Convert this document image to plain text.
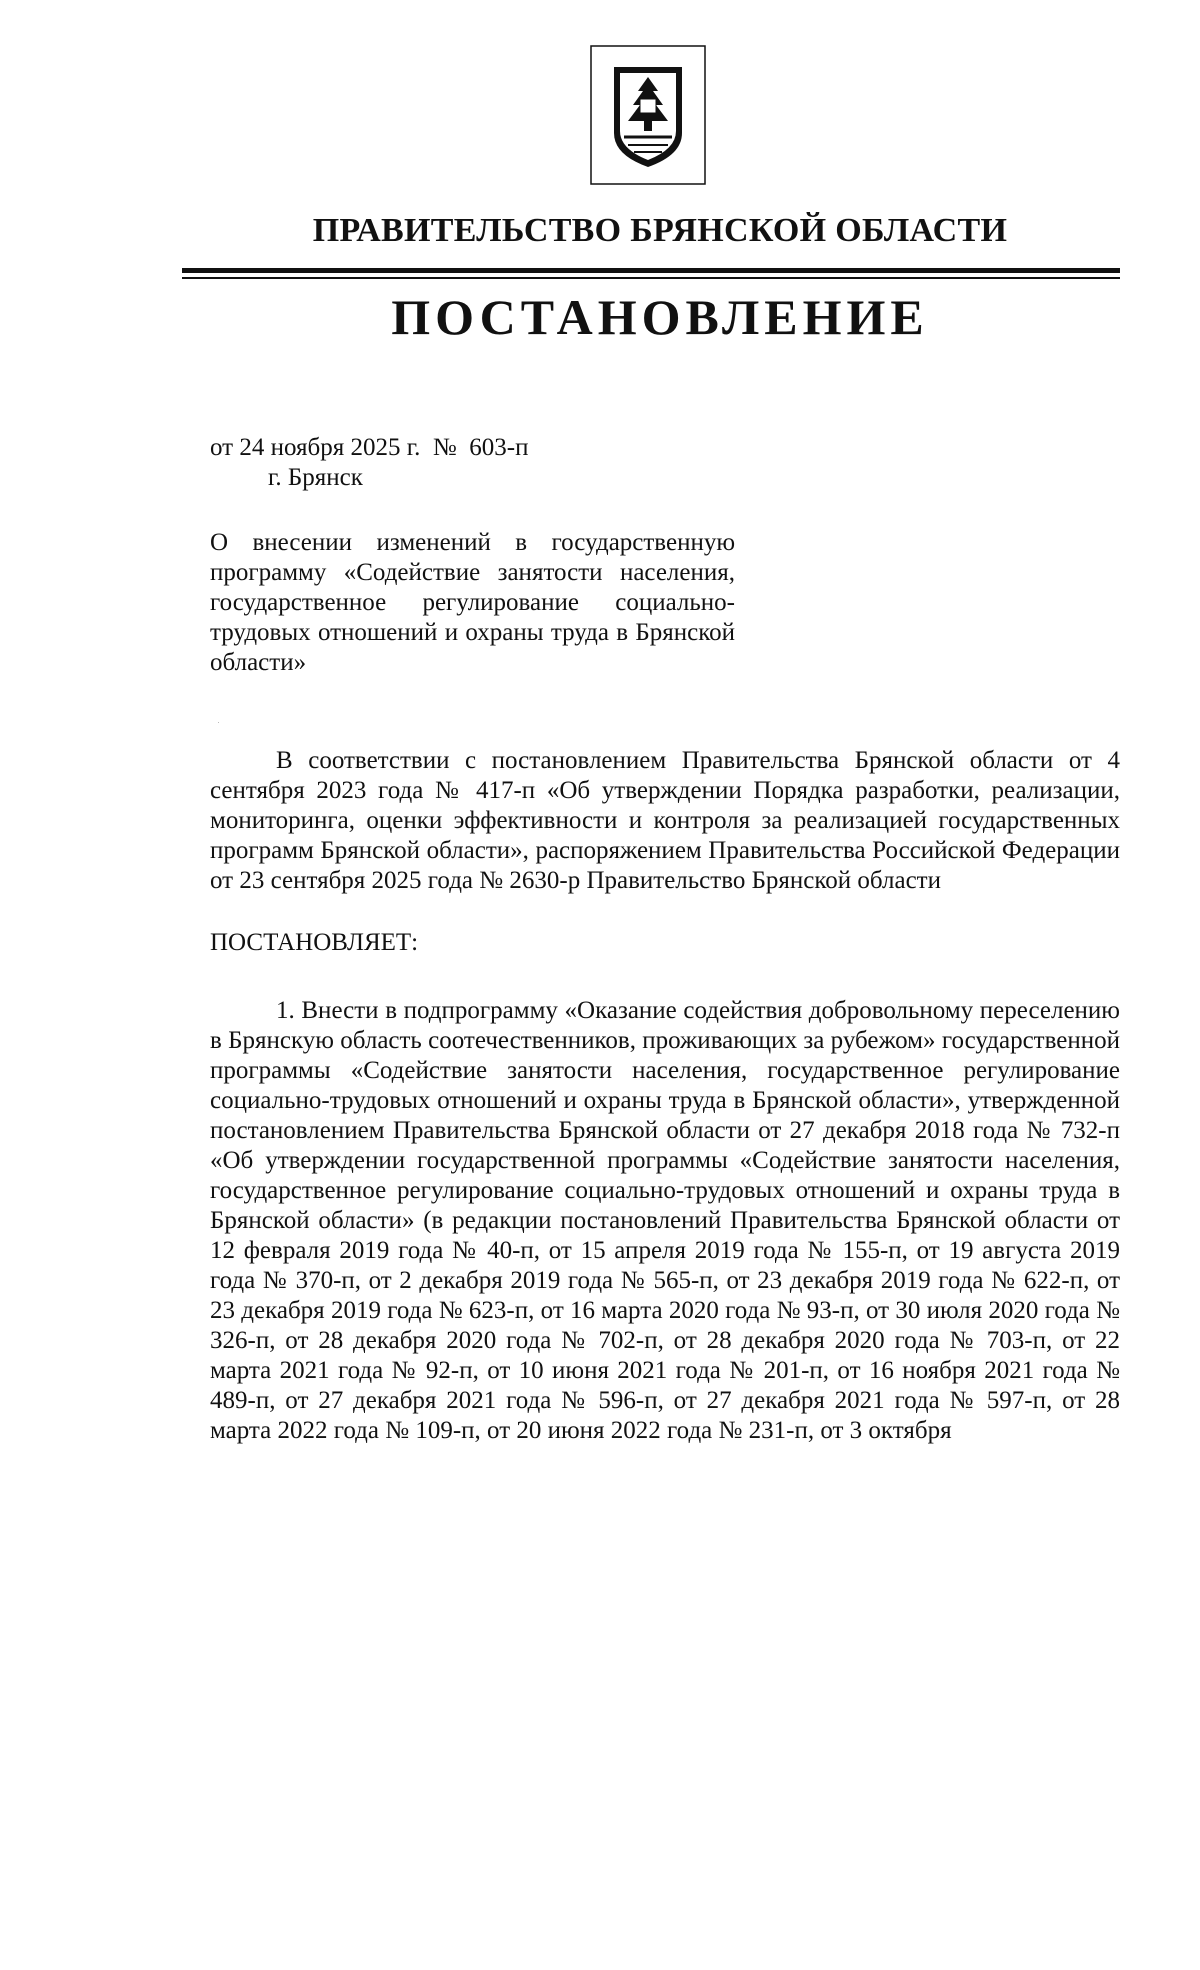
ПРАВИТЕЛЬСТВО БРЯНСКОЙ ОБЛАСТИ
ПОСТАНОВЛЕНИЕ
от 24 ноября 2025 г.  №  603-п
г. Брянск
О внесении изменений в государственную программу «Содействие занятости населения, государственное регулирование социально-трудовых отношений и охраны труда в Брянской области»

В соответствии с постановлением Правительства Брянской области от 4 сентября 2023 года № 417-п «Об утверждении Порядка разработки, реализации, мониторинга, оценки эффективности и контроля за реализацией государственных программ Брянской области», распоряжением Правительства Российской Федерации от 23 сентября 2025 года № 2630-р Правительство Брянской области

ПОСТАНОВЛЯЕТ:

1. Внести в подпрограмму «Оказание содействия добровольному переселению в Брянскую область соотечественников, проживающих за рубежом» государственной программы «Содействие занятости населения, государственное регулирование социально-трудовых отношений и охраны труда в Брянской области», утвержденной постановлением Правительства Брянской области от 27 декабря 2018 года № 732-п «Об утверждении государственной программы «Содействие занятости населения, государственное регулирование социально-трудовых отношений и охраны труда в Брянской области» (в редакции постановлений Правительства Брянской области от 12 февраля 2019 года № 40-п, от 15 апреля 2019 года № 155-п, от 19 августа 2019 года № 370-п, от 2 декабря 2019 года № 565-п, от 23 декабря 2019 года № 622-п, от 23 декабря 2019 года № 623-п, от 16 марта 2020 года № 93-п, от 30 июля 2020 года № 326-п, от 28 декабря 2020 года № 702-п, от 28 декабря 2020 года № 703-п, от 22 марта 2021 года № 92-п, от 10 июня 2021 года № 201-п, от 16 ноября 2021 года № 489-п, от 27 декабря 2021 года № 596-п, от 27 декабря 2021 года № 597-п, от 28 марта 2022 года № 109-п, от 20 июня 2022 года № 231-п, от 3 октября
